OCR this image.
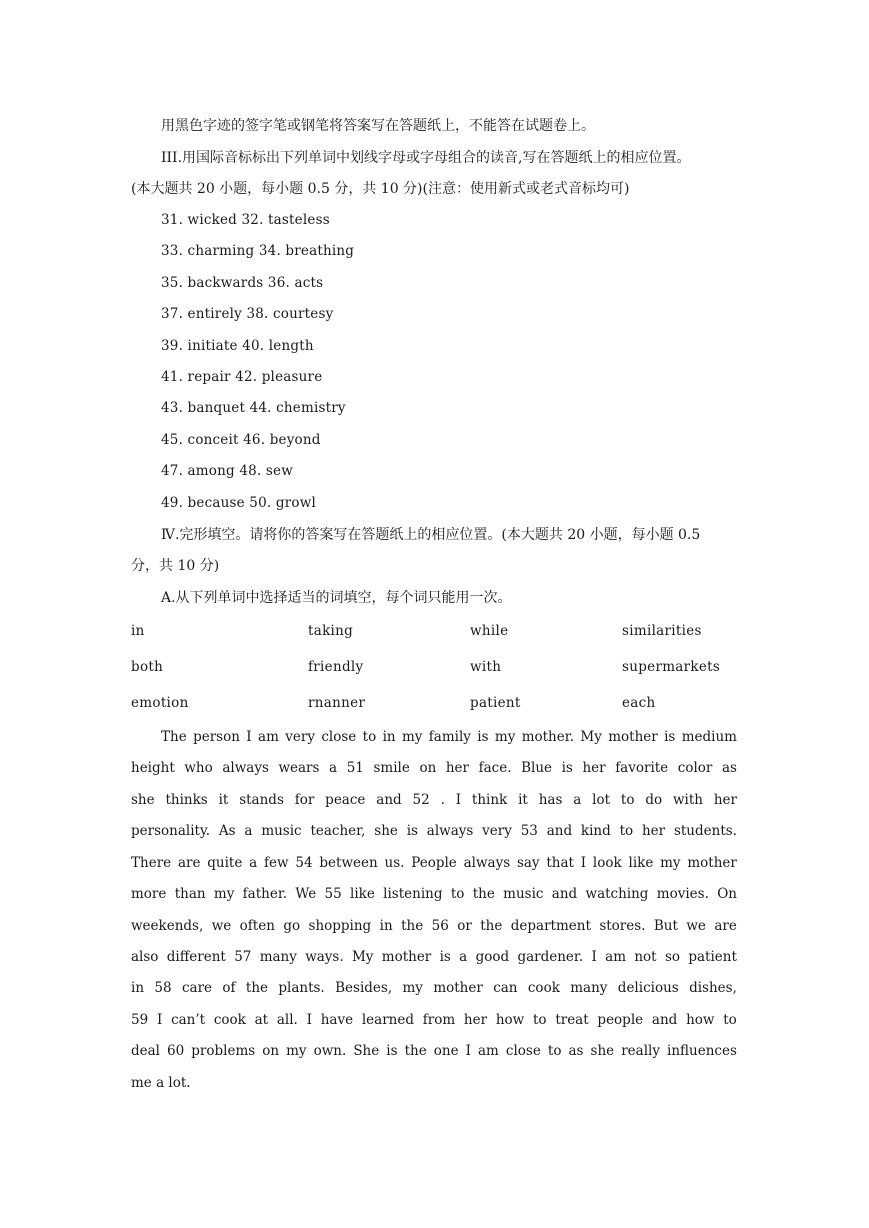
用黑色字迹的签字笔或钢笔将答案写在答题纸上，不能答在试题卷上。
III.用国际音标标出下列单词中划线字母或字母组合的读音,写在答题纸上的相应位置。
(本大题共 20 小题，每小题 0.5 分，共 10 分)(注意：使用新式或老式音标均可)
31. wicked 32. tasteless
33. charming 34. breathing
35. backwards 36. acts
37. entirely 38. courtesy
39. initiate 40. length
41. repair 42. pleasure
43. banquet 44. chemistry
45. conceit 46. beyond
47. among 48. sew
49. because 50. growl
Ⅳ.完形填空。请将你的答案写在答题纸上的相应位置。(本大题共 20 小题，每小题 0.5
分，共 10 分)
A.从下列单词中选择适当的词填空，每个词只能用一次。
in	taking	while	similarities
both	friendly	with	supermarkets
emotion	rnanner	patient	each
The person I am very close to in my family is my mother. My mother is medium
height who always wears a 51 smile on her face. Blue is her favorite color as
she thinks it stands for peace and 52 . I think it has a lot to do with her
personality. As a music teacher, she is always very 53 and kind to her students.
There are quite a few 54 between us. People always say that I look like my mother
more than my father. We 55 like listening to the music and watching movies. On
weekends, we often go shopping in the 56 or the department stores. But we are
also different 57 many ways. My mother is a good gardener. I am not so patient
in 58 care of the plants. Besides, my mother can cook many delicious dishes,
59 I can’t cook at all. I have learned from her how to treat people and how to
deal 60 problems on my own. She is the one I am close to as she really influences
me a lot.
